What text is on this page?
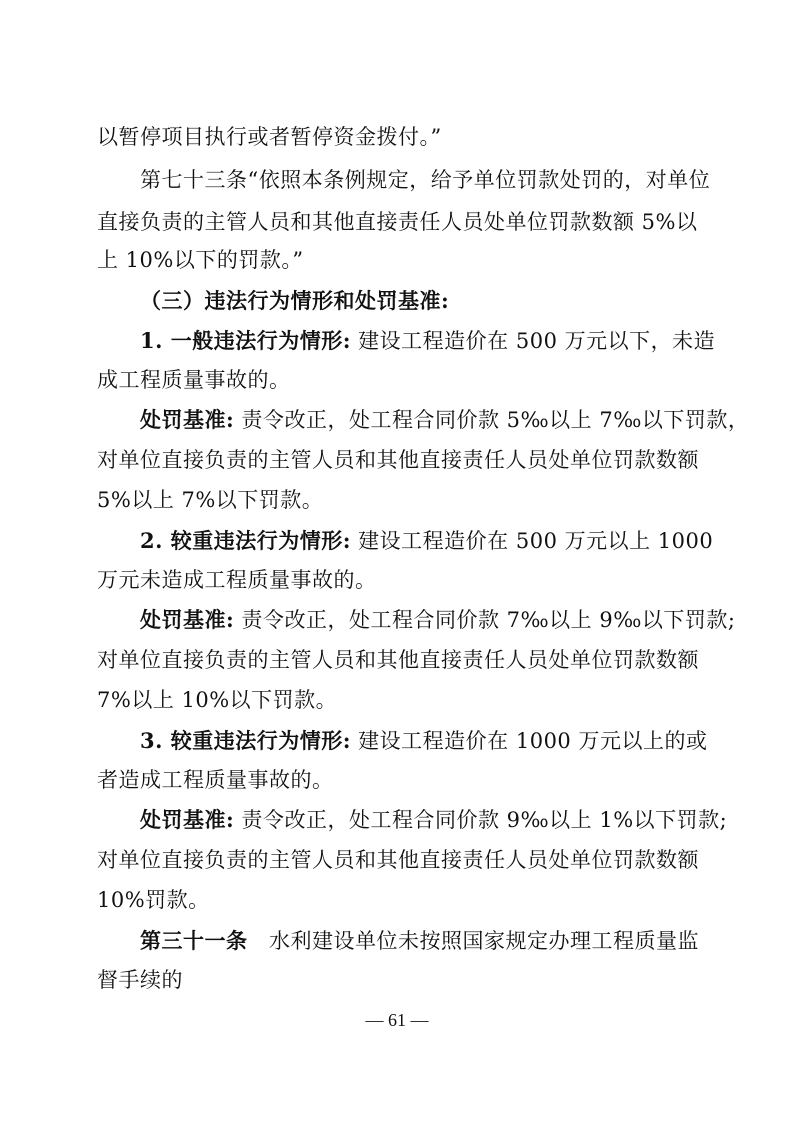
以暂停项目执行或者暂停资金拨付。”
第七十三条“依照本条例规定，给予单位罚款处罚的，对单位
直接负责的主管人员和其他直接责任人员处单位罚款数额 5%以
上 10%以下的罚款。”
（三）违法行为情形和处罚基准:
1. 一般违法行为情形: 建设工程造价在 500 万元以下，未造
成工程质量事故的。
处罚基准: 责令改正，处工程合同价款 5‰以上 7‰以下罚款，
对单位直接负责的主管人员和其他直接责任人员处单位罚款数额
5%以上 7%以下罚款。
2. 较重违法行为情形: 建设工程造价在 500 万元以上 1000
万元未造成工程质量事故的。
处罚基准: 责令改正，处工程合同价款 7‰以上 9‰以下罚款;
对单位直接负责的主管人员和其他直接责任人员处单位罚款数额
7%以上 10%以下罚款。
3. 较重违法行为情形: 建设工程造价在 1000 万元以上的或
者造成工程质量事故的。
处罚基准: 责令改正，处工程合同价款 9‰以上 1%以下罚款;
对单位直接负责的主管人员和其他直接责任人员处单位罚款数额
10%罚款。
第三十一条　水利建设单位未按照国家规定办理工程质量监
督手续的
— 61 —
